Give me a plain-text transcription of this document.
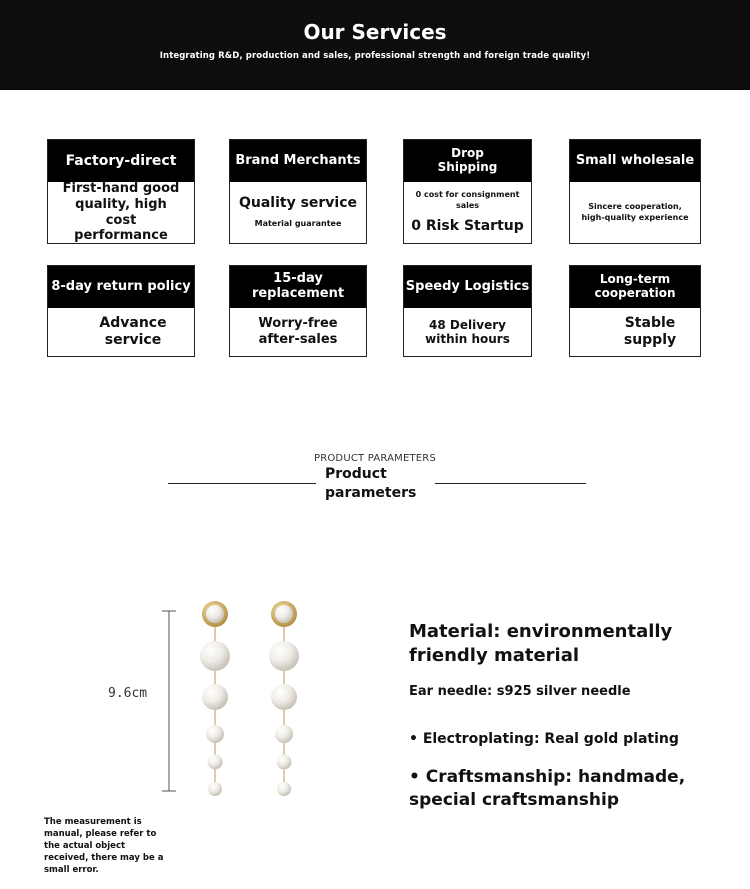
Our Services
Integrating R&D, production and sales, professional strength and foreign trade quality!
Factory-direct
First-hand good quality, high cost performance
Brand Merchants
Quality service
Material guarantee
Drop Shipping
0 cost for consignment sales
0 Risk Startup
Small wholesale
Sincere cooperation, high-quality experience
8-day return policy
Advance service
15-day replacement
Worry-free after-sales
Speedy Logistics
48 Delivery within hours
Long-term cooperation
Stable supply
PRODUCT PARAMETERS
Product parameters
9.6cm
The measurement is manual, please refer to the actual object received, there may be a small error.
Material: environmentally friendly material
Ear needle: s925 silver needle
• Electroplating: Real gold plating
• Craftsmanship: handmade, special craftsmanship
